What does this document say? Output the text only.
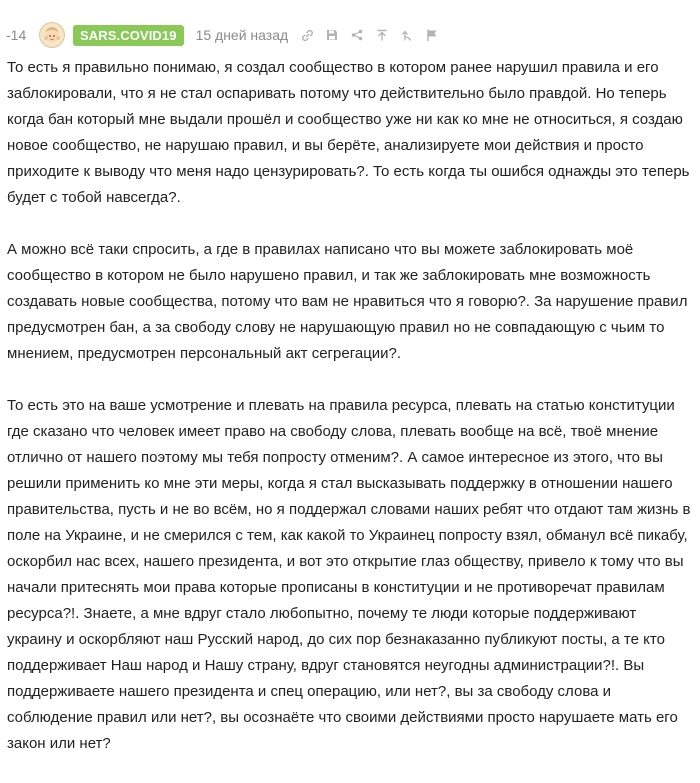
-14	SARS.COVID19	15 дней назад

То есть я правильно понимаю, я создал сообщество в котором ранее нарушил правила и его заблокировали, что я не стал оспаривать потому что действительно было правдой. Но теперь когда бан который мне выдали прошёл и сообщество уже ни как ко мне не относиться, я создаю новое сообщество, не нарушаю правил, и вы берёте, анализируете мои действия и просто приходите к выводу что меня надо цензурировать?. То есть когда ты ошибся однажды это теперь будет с тобой навсегда?.

А можно всё таки спросить, а где в правилах написано что вы можете заблокировать моё сообщество в котором не было нарушено правил, и так же заблокировать мне возможность создавать новые сообщества, потому что вам не нравиться что я говорю?. За нарушение правил предусмотрен бан, а за свободу слову не нарушающую правил но не совпадающую с чьим то мнением, предусмотрен персональный акт сегрегации?.

То есть это на ваше усмотрение и плевать на правила ресурса, плевать на статью конституции где сказано что человек имеет право на свободу слова, плевать вообще на всё, твоё мнение отлично от нашего поэтому мы тебя попросту отменим?. А самое интересное из этого, что вы решили применить ко мне эти меры, когда я стал высказывать поддержку в отношении нашего правительства, пусть и не во всём, но я поддержал словами наших ребят что отдают там жизнь в поле на Украине, и не смерился с тем, как какой то Украинец попросту взял, обманул всё пикабу, оскорбил нас всех, нашего президента, и вот это открытие глаз обществу, привело к тому что вы начали притеснять мои права которые прописаны в конституции и не противоречат правилам ресурса?!. Знаете, а мне вдруг стало любопытно, почему те люди которые поддерживают украину и оскорбляют наш Русский народ, до сих пор безнаказанно публикуют посты, а те кто поддерживает Наш народ и Нашу страну, вдруг становятся неугодны администрации?!. Вы поддерживаете нашего президента и спец операцию, или нет?, вы за свободу слова и соблюдение правил или нет?, вы осознаёте что своими действиями просто нарушаете мать его закон или нет?
